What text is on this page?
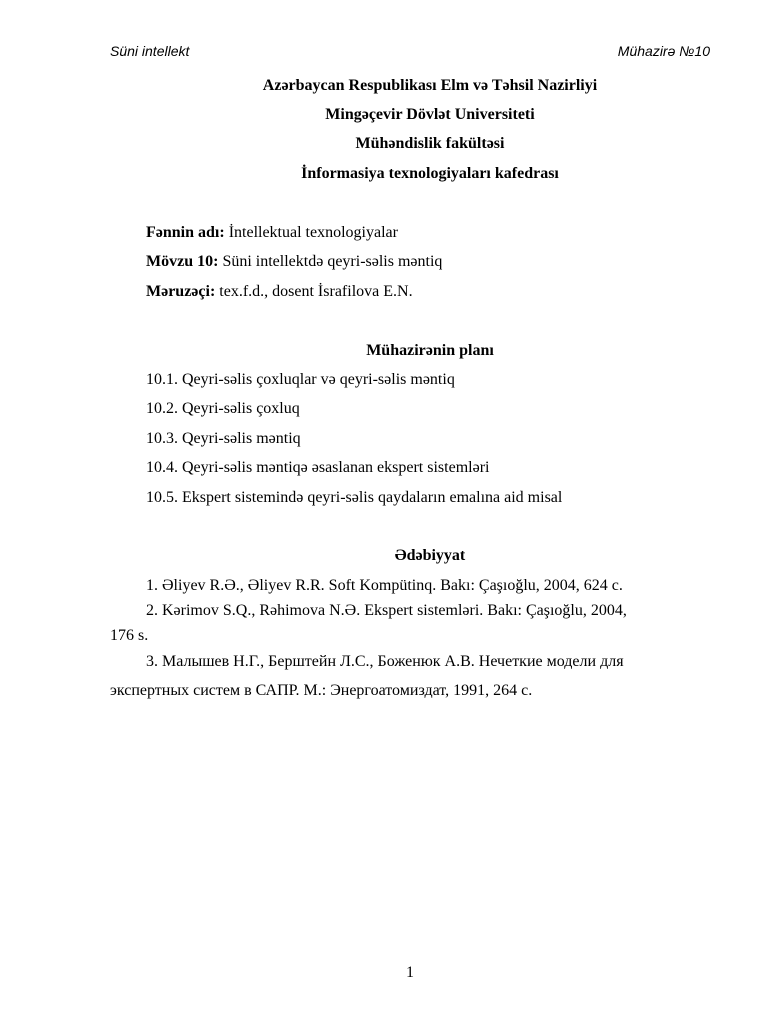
Süni intellekt	Mühazirə №10
Azərbaycan Respublikası Elm və Təhsil Nazirliyi
Mingəçevir Dövlət Universiteti
Mühəndislik fakültəsi
İnformasiya texnologiyaları kafedrası
Fənnin adı: İntellektual texnologiyalar
Mövzu 10: Süni intellektdə qeyri-səlis məntiq
Məruzəçi: tex.f.d., dosent İsrafilova E.N.
Mühazirənin planı
10.1. Qeyri-səlis çoxluqlar və qeyri-səlis məntiq
10.2. Qeyri-səlis çoxluq
10.3. Qeyri-səlis məntiq
10.4. Qeyri-səlis məntiqə əsaslanan ekspert sistemləri
10.5. Ekspert sistemində qeyri-səlis qaydaların emalına aid misal
Ədəbiyyat
1. Əliyev R.Ə., Əliyev R.R. Soft Kompütinq. Bakı: Çaşıoğlu, 2004, 624 c.
2. Kərimov S.Q., Rəhimova N.Ə. Ekspert sistemləri. Bakı: Çaşıoğlu, 2004,
176 s.
3. Малышев Н.Г., Берштейн Л.С., Боженюк А.В. Нечеткие модели для
экспертных систем в САПР. М.: Энергоатомиздат, 1991, 264 с.
1
